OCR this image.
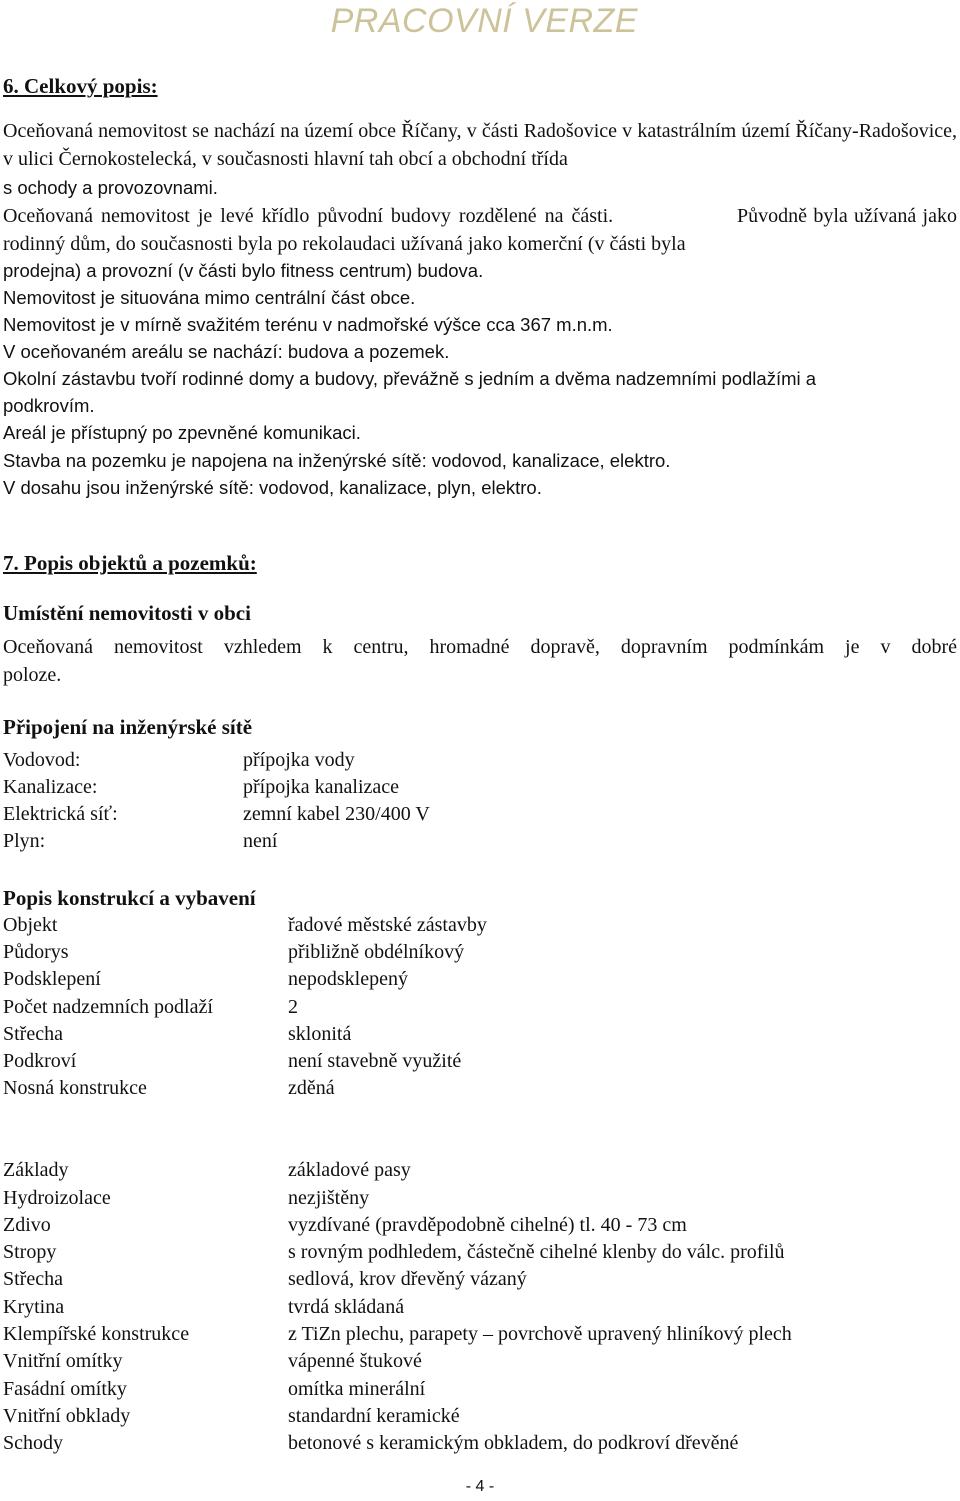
PRACOVNÍ VERZE
6. Celkový popis:
Oceňovaná nemovitost se nachází na území obce Říčany, v části Radošovice v katastrálním území Říčany-Radošovice, v ulici Černokostelecká, v současnosti hlavní tah obcí a obchodní třída
s ochody a provozovnami.
Oceňovaná nemovitost je levé křídlo původní budovy rozdělené na části.	Původně byla užívaná jako rodinný dům, do současnosti byla po rekolaudaci užívaná jako komerční (v části byla
prodejna) a provozní (v části bylo fitness centrum) budova.
Nemovitost je situována mimo centrální část obce.
Nemovitost je v mírně svažitém terénu v nadmořské výšce cca 367 m.n.m.
V oceňovaném areálu se nachází: budova a pozemek.
Okolní zástavbu tvoří rodinné domy a budovy, převážně s jedním a dvěma nadzemními podlažími a
podkrovím.
Areál je přístupný po zpevněné komunikaci.
Stavba na pozemku je napojena na inženýrské sítě: vodovod, kanalizace, elektro.
V dosahu jsou inženýrské sítě: vodovod, kanalizace, plyn, elektro.
7. Popis objektů a pozemků:
Umístění nemovitosti v obci
Oceňovaná nemovitost vzhledem k centru, hromadné dopravě, dopravním podmínkám je v dobré
poloze.
Připojení na inženýrské sítě
Vodovod:	přípojka vody
Kanalizace:	přípojka kanalizace
Elektrická síť:	zemní kabel 230/400 V
Plyn:	není
Popis konstrukcí a vybavení
Objekt	řadové městské zástavby
Půdorys	přibližně obdélníkový
Podsklepení	nepodsklepený
Počet nadzemních podlaží	2
Střecha	sklonitá
Podkroví	není stavebně využité
Nosná konstrukce	zděná
Základy	základové pasy
Hydroizolace	nezjištěny
Zdivo	vyzdívané (pravděpodobně cihelné) tl. 40 - 73 cm
Stropy	s rovným podhledem, částečně cihelné klenby do válc. profilů
Střecha	sedlová, krov dřevěný vázaný
Krytina	tvrdá skládaná
Klempířské konstrukce	z TiZn plechu, parapety – povrchově upravený hliníkový plech
Vnitřní omítky	vápenné štukové
Fasádní omítky	omítka minerální
Vnitřní obklady	standardní keramické
Schody	betonové s keramickým obkladem, do podkroví dřevěné
- 4 -
